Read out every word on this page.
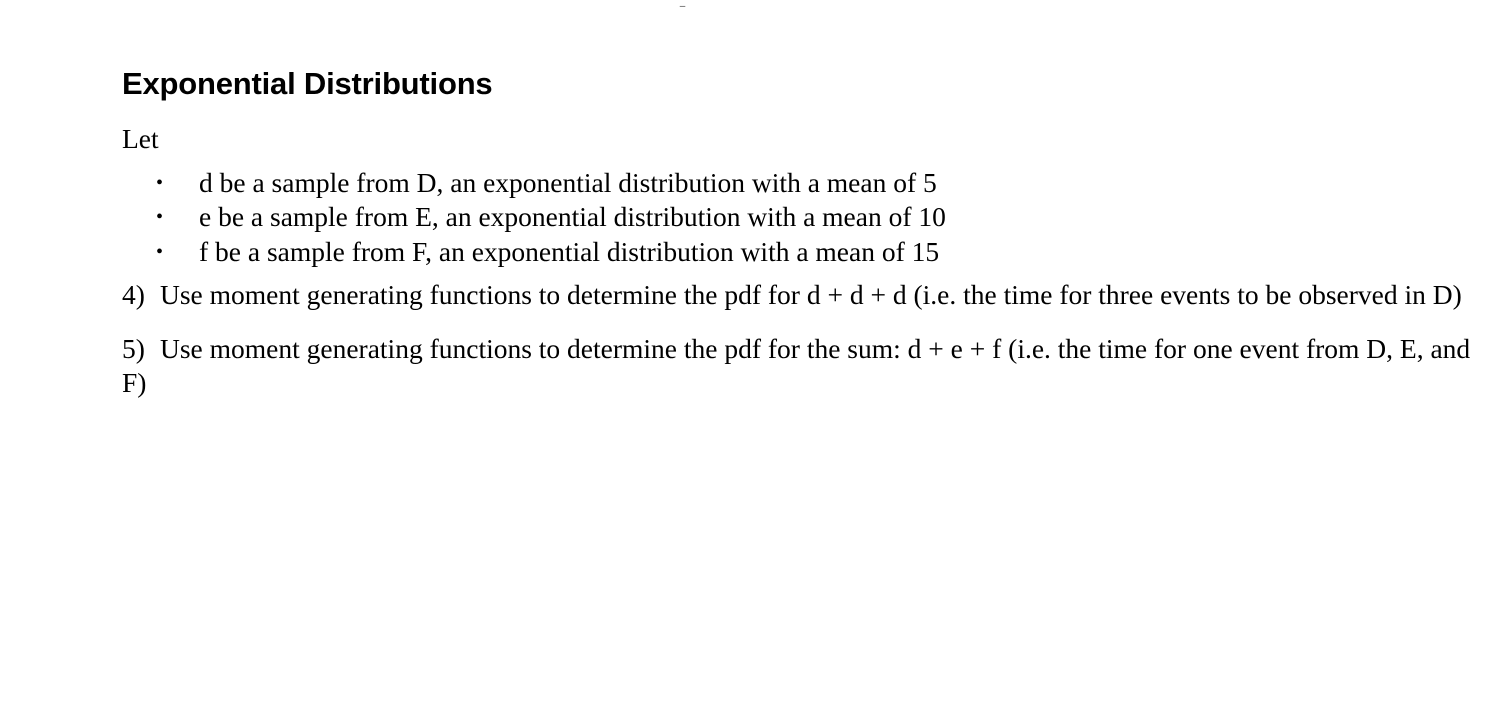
–
Exponential Distributions

Let

• d be a sample from D, an exponential distribution with a mean of 5
• e be a sample from E, an exponential distribution with a mean of 10
• f be a sample from F, an exponential distribution with a mean of 15

4) Use moment generating functions to determine the pdf for d + d + d (i.e. the time for three events to be observed in D)

5) Use moment generating functions to determine the pdf for the sum: d + e + f (i.e. the time for one event from D, E, and F)
